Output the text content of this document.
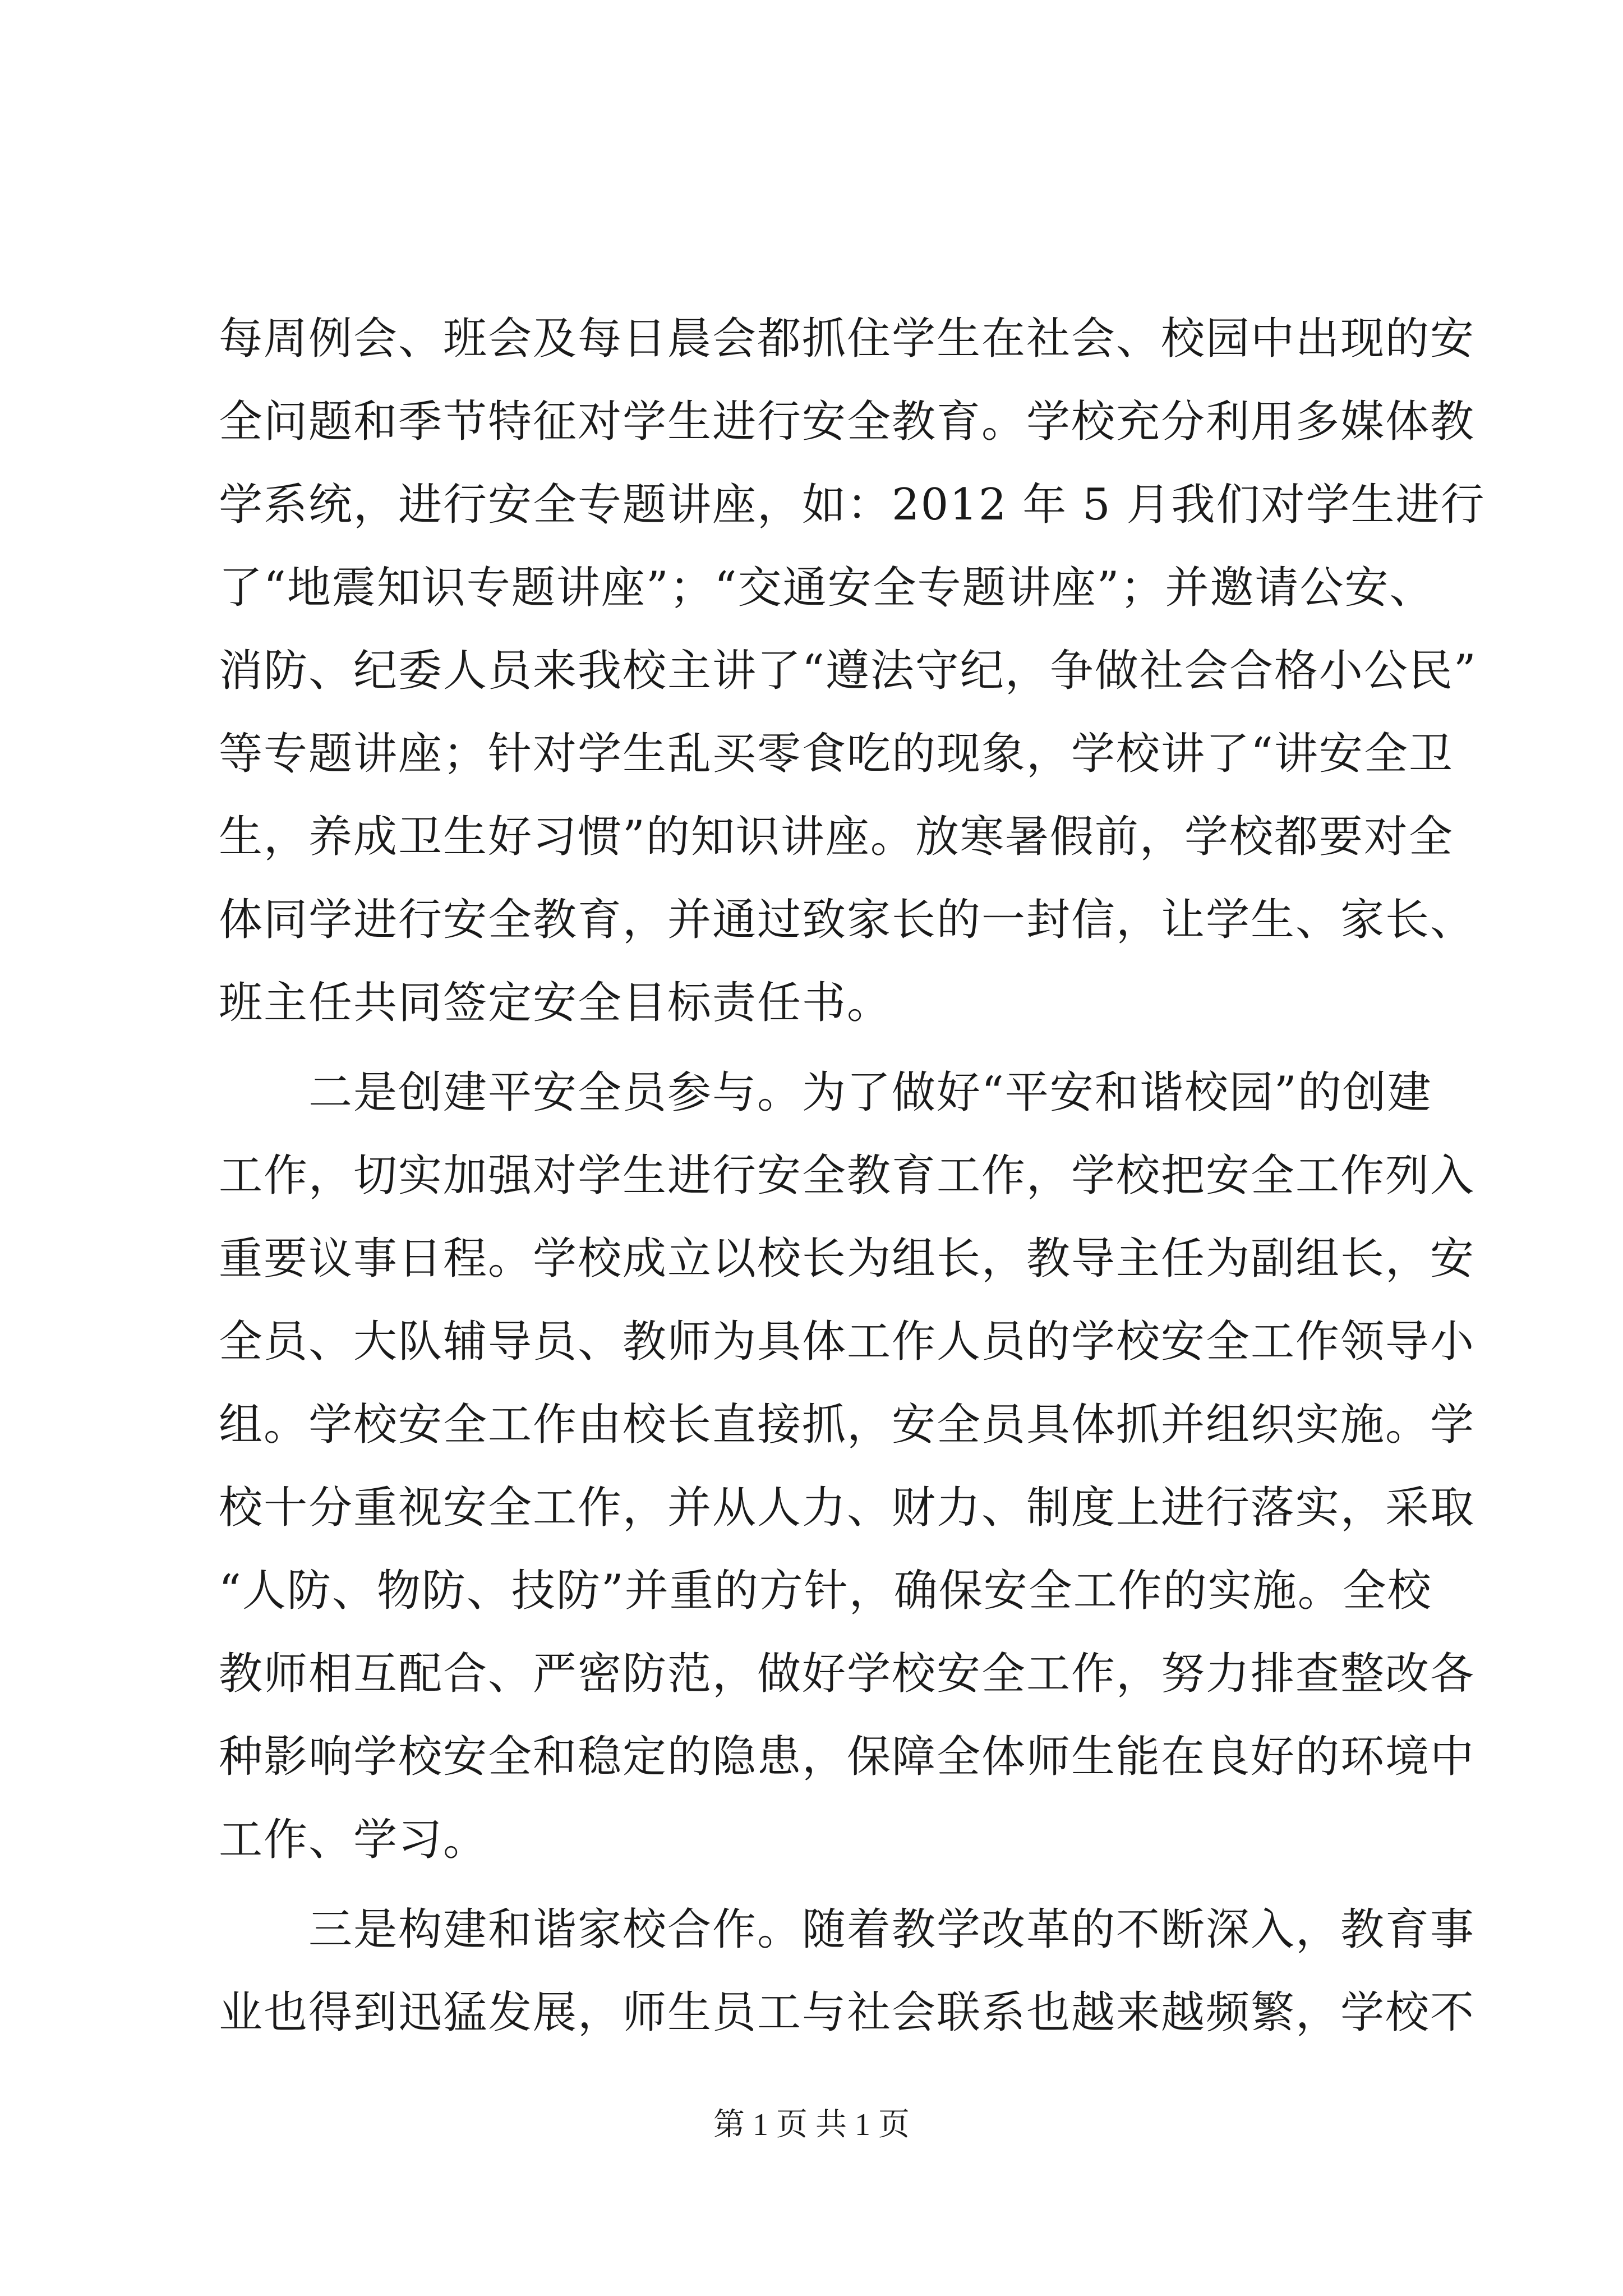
每周例会、班会及每日晨会都抓住学生在社会、校园中出现的安
全问题和季节特征对学生进行安全教育。学校充分利用多媒体教
学系统，进行安全专题讲座，如：2012 年 5 月我们对学生进行
了“地震知识专题讲座”；“交通安全专题讲座”；并邀请公安、
消防、纪委人员来我校主讲了“遵法守纪，争做社会合格小公民”
等专题讲座；针对学生乱买零食吃的现象，学校讲了“讲安全卫
生，养成卫生好习惯”的知识讲座。放寒暑假前，学校都要对全
体同学进行安全教育，并通过致家长的一封信，让学生、家长、
班主任共同签定安全目标责任书。
二是创建平安全员参与。为了做好“平安和谐校园”的创建
工作，切实加强对学生进行安全教育工作，学校把安全工作列入
重要议事日程。学校成立以校长为组长，教导主任为副组长，安
全员、大队辅导员、教师为具体工作人员的学校安全工作领导小
组。学校安全工作由校长直接抓，安全员具体抓并组织实施。学
校十分重视安全工作，并从人力、财力、制度上进行落实，采取
“人防、物防、技防”并重的方针，确保安全工作的实施。全校
教师相互配合、严密防范，做好学校安全工作，努力排查整改各
种影响学校安全和稳定的隐患，保障全体师生能在良好的环境中
工作、学习。
三是构建和谐家校合作。随着教学改革的不断深入，教育事
业也得到迅猛发展，师生员工与社会联系也越来越频繁，学校不
第 1 页 共 1 页
